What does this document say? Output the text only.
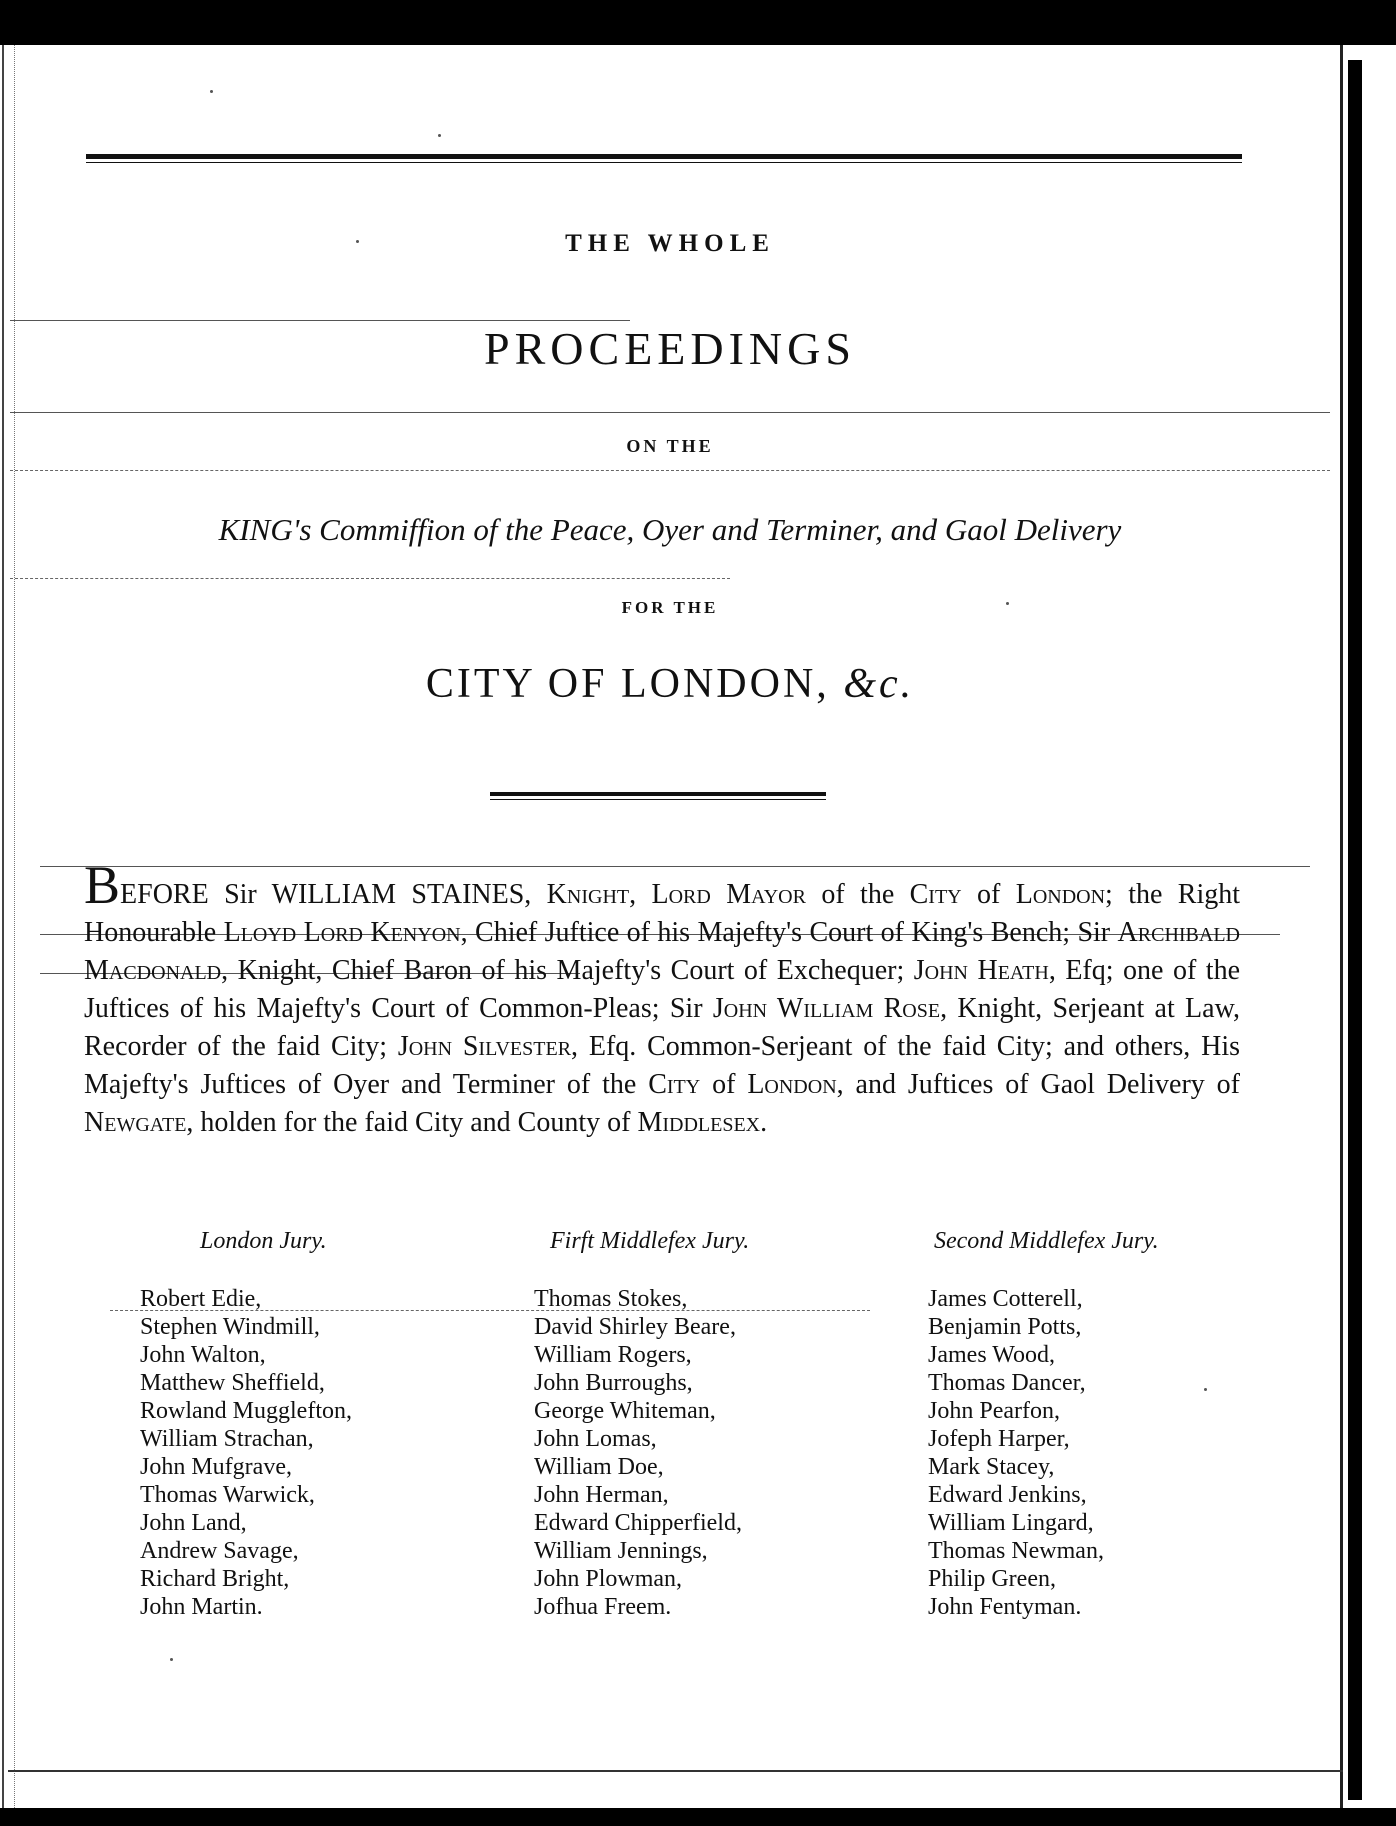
THE WHOLE
PROCEEDINGS
ON THE
KING's Commiffion of the Peace, Oyer and Terminer, and Gaol Delivery
FOR THE
CITY OF LONDON, &c.
BEFORE Sir WILLIAM STAINES, Knight, Lord Mayor of the City of London; the Right Honourable Lloyd Lord Kenyon, Chief Juftice of his Majefty's Court of King's Bench; Sir Archibald Macdonald, Knight, Chief Baron of his Majefty's Court of Exchequer; John Heath, Efq; one of the Juftices of his Majefty's Court of Common-Pleas; Sir John William Rose, Knight, Serjeant at Law, Recorder of the faid City; John Silvester, Efq. Common-Serjeant of the faid City; and others, His Majefty's Juftices of Oyer and Terminer of the City of London, and Juftices of Gaol Delivery of Newgate, holden for the faid City and County of Middlesex.
London Jury.
Robert Edie,
Stephen Windmill,
John Walton,
Matthew Sheffield,
Rowland Mugglefton,
William Strachan,
John Mufgrave,
Thomas Warwick,
John Land,
Andrew Savage,
Richard Bright,
John Martin.
Firft Middlefex Jury.
Thomas Stokes,
David Shirley Beare,
William Rogers,
John Burroughs,
George Whiteman,
John Lomas,
William Doe,
John Herman,
Edward Chipperfield,
William Jennings,
John Plowman,
Jofhua Freem.
Second Middlefex Jury.
James Cotterell,
Benjamin Potts,
James Wood,
Thomas Dancer,
John Pearfon,
Jofeph Harper,
Mark Stacey,
Edward Jenkins,
William Lingard,
Thomas Newman,
Philip Green,
John Fentyman.
